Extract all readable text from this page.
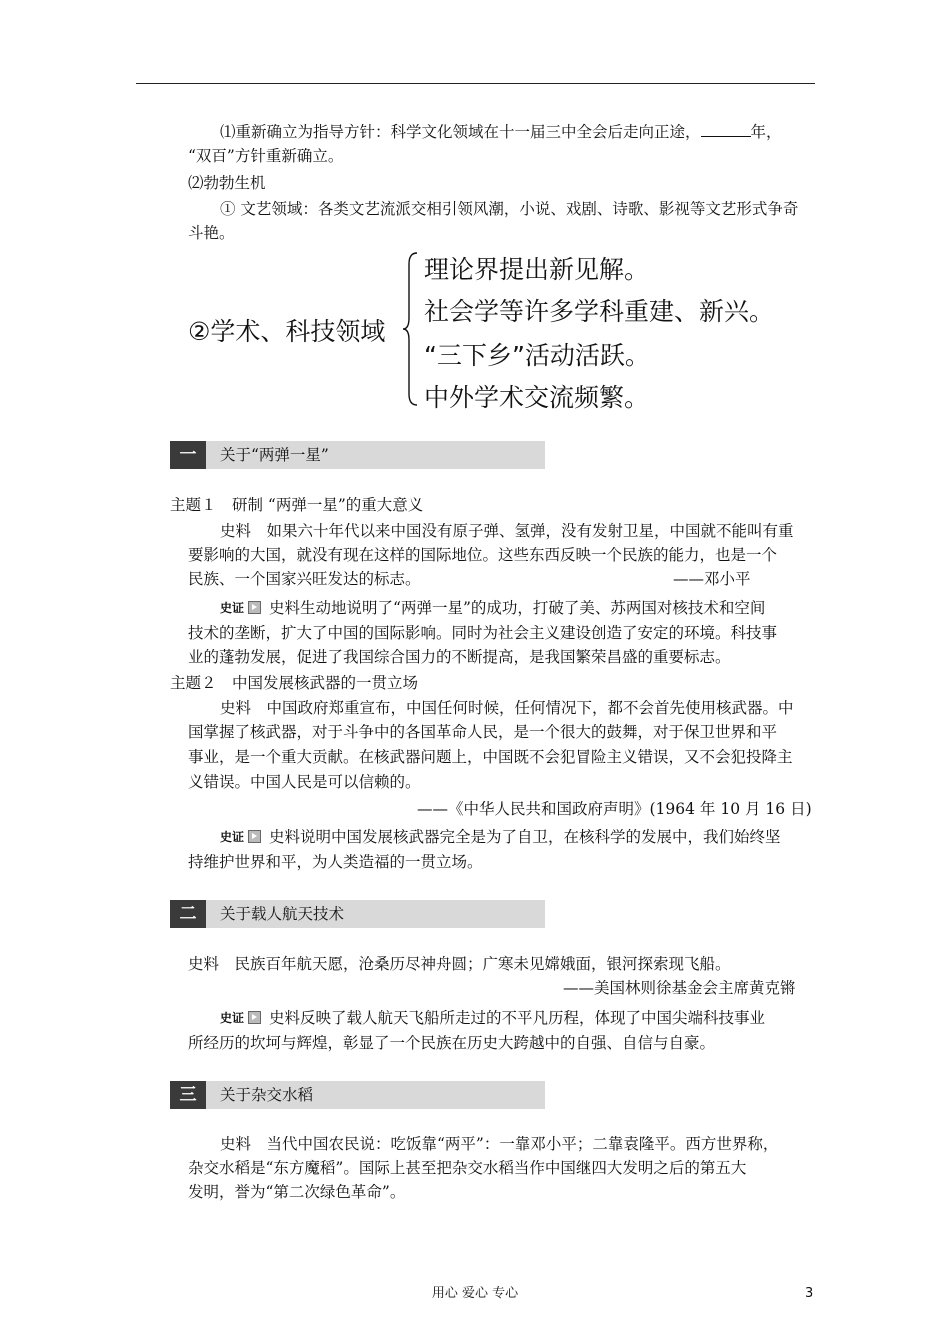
⑴重新确立为指导方针：科学文化领域在十一届三中全会后走向正途，	年，
“双百”方针重新确立。
⑵勃勃生机
① 文艺领域：各类文艺流派交相引领风潮，小说、戏剧、诗歌、影视等文艺形式争奇
斗艳。
②学术、科技领域
理论界提出新见解。
社会学等许多学科重建、新兴。
“三下乡”活动活跃。
中外学术交流频繁。
一	关于“两弹一星”
主题１　研制 “两弹一星”的重大意义
史料　如果六十年代以来中国没有原子弹、氢弹，没有发射卫星，中国就不能叫有重
要影响的大国，就没有现在这样的国际地位。这些东西反映一个民族的能力，也是一个
民族、一个国家兴旺发达的标志。	——邓小平
史证 史料生动地说明了“两弹一星”的成功，打破了美、苏两国对核技术和空间
技术的垄断，扩大了中国的国际影响。同时为社会主义建设创造了安定的环境。科技事
业的蓬勃发展，促进了我国综合国力的不断提高，是我国繁荣昌盛的重要标志。
主题２　中国发展核武器的一贯立场
史料　中国政府郑重宣布，中国任何时候，任何情况下，都不会首先使用核武器。中
国掌握了核武器，对于斗争中的各国革命人民，是一个很大的鼓舞，对于保卫世界和平
事业，是一个重大贡献。在核武器问题上，中国既不会犯冒险主义错误，又不会犯投降主
义错误。中国人民是可以信赖的。
——《中华人民共和国政府声明》(1964 年 10 月 16 日)
史证 史料说明中国发展核武器完全是为了自卫，在核科学的发展中，我们始终坚
持维护世界和平，为人类造福的一贯立场。
二	关于载人航天技术
史料　民族百年航天愿，沧桑历尽神舟圆；广寒未见嫦娥面，银河探索现飞船。
——美国林则徐基金会主席黄克锵
史证 史料反映了载人航天飞船所走过的不平凡历程，体现了中国尖端科技事业
所经历的坎坷与辉煌，彰显了一个民族在历史大跨越中的自强、自信与自豪。
三	关于杂交水稻
史料　当代中国农民说：吃饭靠“两平”：一靠邓小平；二靠袁隆平。西方世界称，
杂交水稻是“东方魔稻”。国际上甚至把杂交水稻当作中国继四大发明之后的第五大
发明，誉为“第二次绿色革命”。
用心 爱心 专心	3
